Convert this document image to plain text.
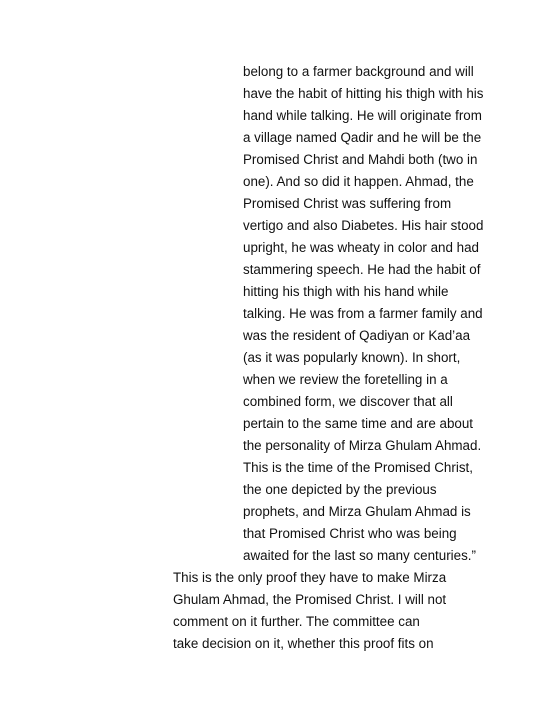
belong to a farmer background and will
have the habit of hitting his thigh with his
hand while talking. He will originate from
a village named Qadir and he will be the
Promised Christ and Mahdi both (two in
one). And so did it happen. Ahmad, the
Promised Christ was suffering from
vertigo and also Diabetes. His hair stood
upright, he was wheaty in color and had
stammering speech. He had the habit of
hitting his thigh with his hand while
talking. He was from a farmer family and
was the resident of Qadiyan or Kad’aa
(as it was popularly known). In short,
when we review the foretelling in a
combined form, we discover that all
pertain to the same time and are about
the personality of Mirza Ghulam Ahmad.
This is the time of the Promised Christ,
the one depicted by the previous
prophets, and Mirza Ghulam Ahmad is
that Promised Christ who was being
awaited for the last so many centuries.”
This is the only proof they have to make Mirza
Ghulam Ahmad, the Promised Christ. I will not
comment on it further. The committee can
take decision on it, whether this proof fits on
